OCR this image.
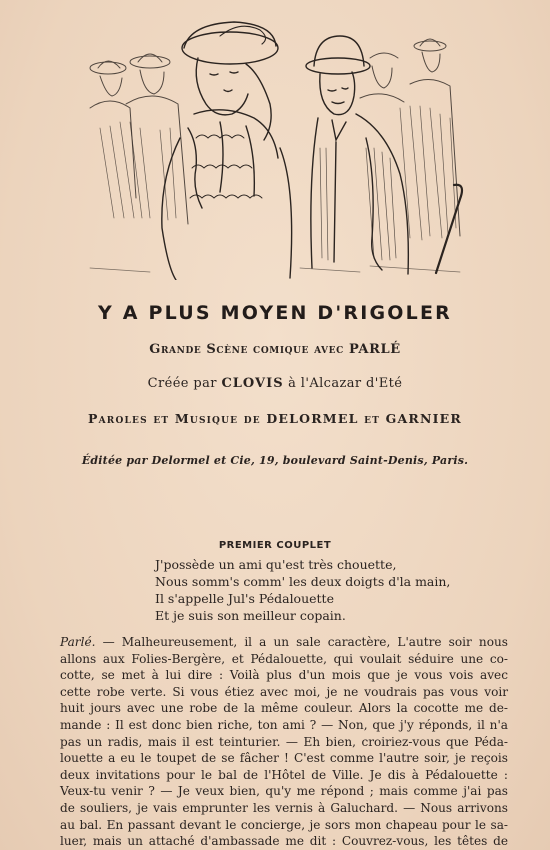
Y A PLUS MOYEN D'RIGOLER
Grande Scène comique avec PARLÉ
Créée par CLOVIS à l'Alcazar d'Eté
Paroles et Musique de DELORMEL et GARNIER
Éditée par Delormel et Cie, 19, boulevard Saint-Denis, Paris.
PREMIER COUPLET
J'possède un ami qu'est très chouette,
Nous somm's comm' les deux doigts d'la main,
Il s'appelle Jul's Pédalouette
Et je suis son meilleur copain.
Parlé. — Malheureusement, il a un sale caractère, L'autre soir nous
allons aux Folies-Bergère, et Pédalouette, qui voulait séduire une co-
cotte, se met à lui dire : Voilà plus d'un mois que je vous vois avec
cette robe verte. Si vous étiez avec moi, je ne voudrais pas vous voir
huit jours avec une robe de la même couleur. Alors la cocotte me de-
mande : Il est donc bien riche, ton ami ? — Non, que j'y réponds, il n'a
pas un radis, mais il est teinturier. — Eh bien, croiriez-vous que Péda-
louette a eu le toupet de se fâcher ! C'est comme l'autre soir, je reçois
deux invitations pour le bal de l'Hôtel de Ville. Je dis à Pédalouette :
Veux-tu venir ? — Je veux bien, qu'y me répond ; mais comme j'ai pas
de souliers, je vais emprunter les vernis à Galuchard. — Nous arrivons
au bal. En passant devant le concierge, je sors mon chapeau pour le sa-
luer, mais un attaché d'ambassade me dit : Couvrez-vous, les têtes de
